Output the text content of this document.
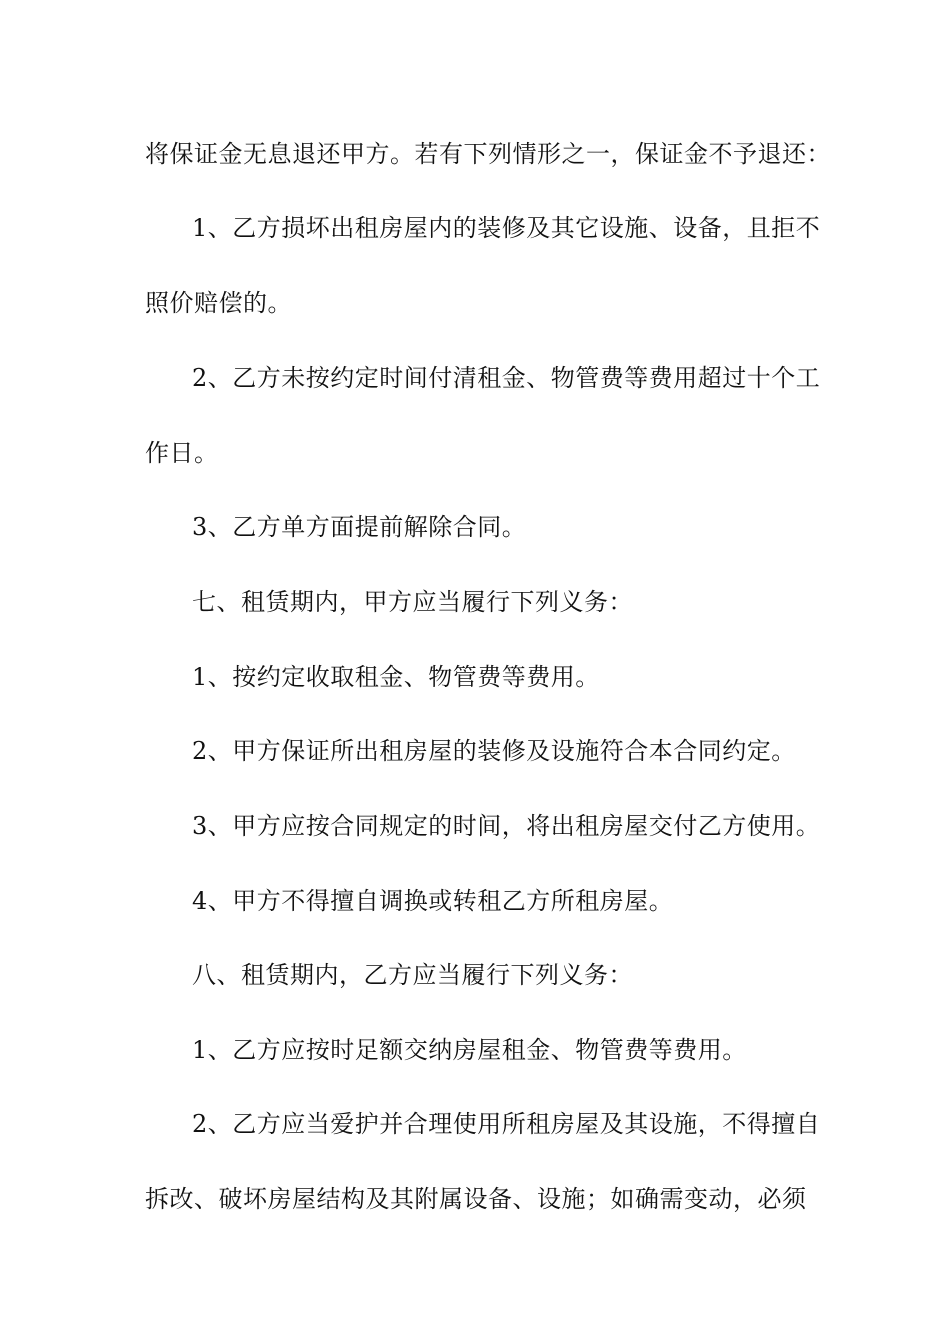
将保证金无息退还甲方。若有下列情形之一，保证金不予退还：
1、乙方损坏出租房屋内的装修及其它设施、设备，且拒不
照价赔偿的。
2、乙方未按约定时间付清租金、物管费等费用超过十个工
作日。
3、乙方单方面提前解除合同。
七、租赁期内，甲方应当履行下列义务：
1、按约定收取租金、物管费等费用。
2、甲方保证所出租房屋的装修及设施符合本合同约定。
3、甲方应按合同规定的时间，将出租房屋交付乙方使用。
4、甲方不得擅自调换或转租乙方所租房屋。
八、租赁期内，乙方应当履行下列义务：
1、乙方应按时足额交纳房屋租金、物管费等费用。
2、乙方应当爱护并合理使用所租房屋及其设施，不得擅自
拆改、破坏房屋结构及其附属设备、设施；如确需变动，必须
